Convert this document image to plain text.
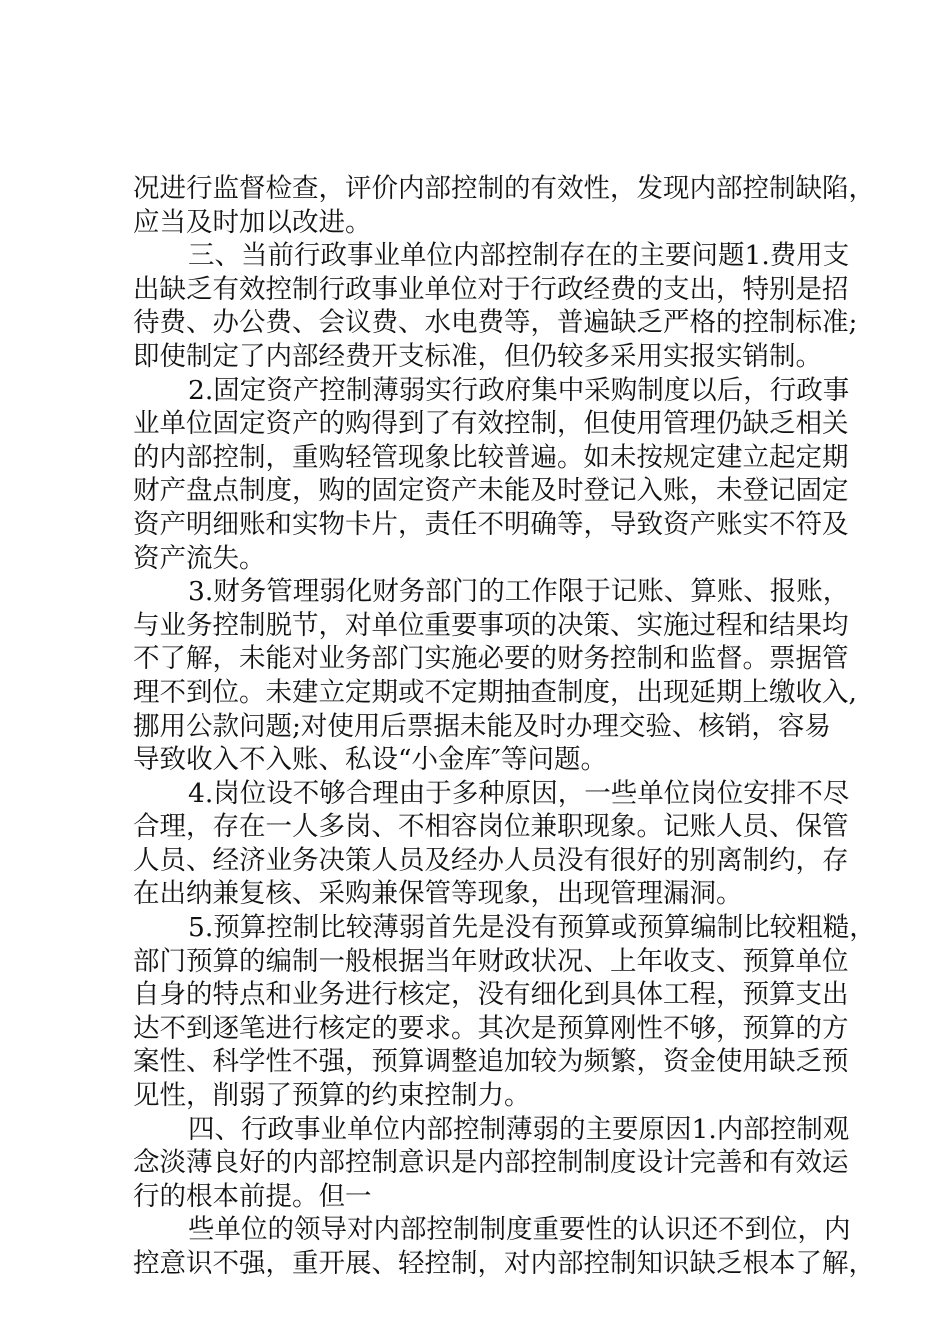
况进行监督检查，评价内部控制的有效性，发现内部控制缺陷，
应当及时加以改进。
三、当前行政事业单位内部控制存在的主要问题1.费用支
出缺乏有效控制行政事业单位对于行政经费的支出，特别是招
待费、办公费、会议费、水电费等，普遍缺乏严格的控制标准;
即使制定了内部经费开支标准，但仍较多采用实报实销制。
2.固定资产控制薄弱实行政府集中采购制度以后，行政事
业单位固定资产的购得到了有效控制，但使用管理仍缺乏相关
的内部控制，重购轻管现象比较普遍。如未按规定建立起定期
财产盘点制度，购的固定资产未能及时登记入账，未登记固定
资产明细账和实物卡片，责任不明确等，导致资产账实不符及
资产流失。
3.财务管理弱化财务部门的工作限于记账、算账、报账，
与业务控制脱节，对单位重要事项的决策、实施过程和结果均
不了解，未能对业务部门实施必要的财务控制和监督。票据管
理不到位。未建立定期或不定期抽查制度，出现延期上缴收入,
挪用公款问题;对使用后票据未能及时办理交验、核销，容易
导致收入不入账、私设“小金库″等问题。
4.岗位设不够合理由于多种原因，一些单位岗位安排不尽
合理，存在一人多岗、不相容岗位兼职现象。记账人员、保管
人员、经济业务决策人员及经办人员没有很好的别离制约，存
在出纳兼复核、采购兼保管等现象，出现管理漏洞。
5.预算控制比较薄弱首先是没有预算或预算编制比较粗糙，
部门预算的编制一般根据当年财政状况、上年收支、预算单位
自身的特点和业务进行核定，没有细化到具体工程，预算支出
达不到逐笔进行核定的要求。其次是预算刚性不够，预算的方
案性、科学性不强，预算调整追加较为频繁，资金使用缺乏预
见性，削弱了预算的约束控制力。
四、行政事业单位内部控制薄弱的主要原因1.内部控制观
念淡薄良好的内部控制意识是内部控制制度设计完善和有效运
行的根本前提。但一
些单位的领导对内部控制制度重要性的认识还不到位，内
控意识不强，重开展、轻控制，对内部控制知识缺乏根本了解，
